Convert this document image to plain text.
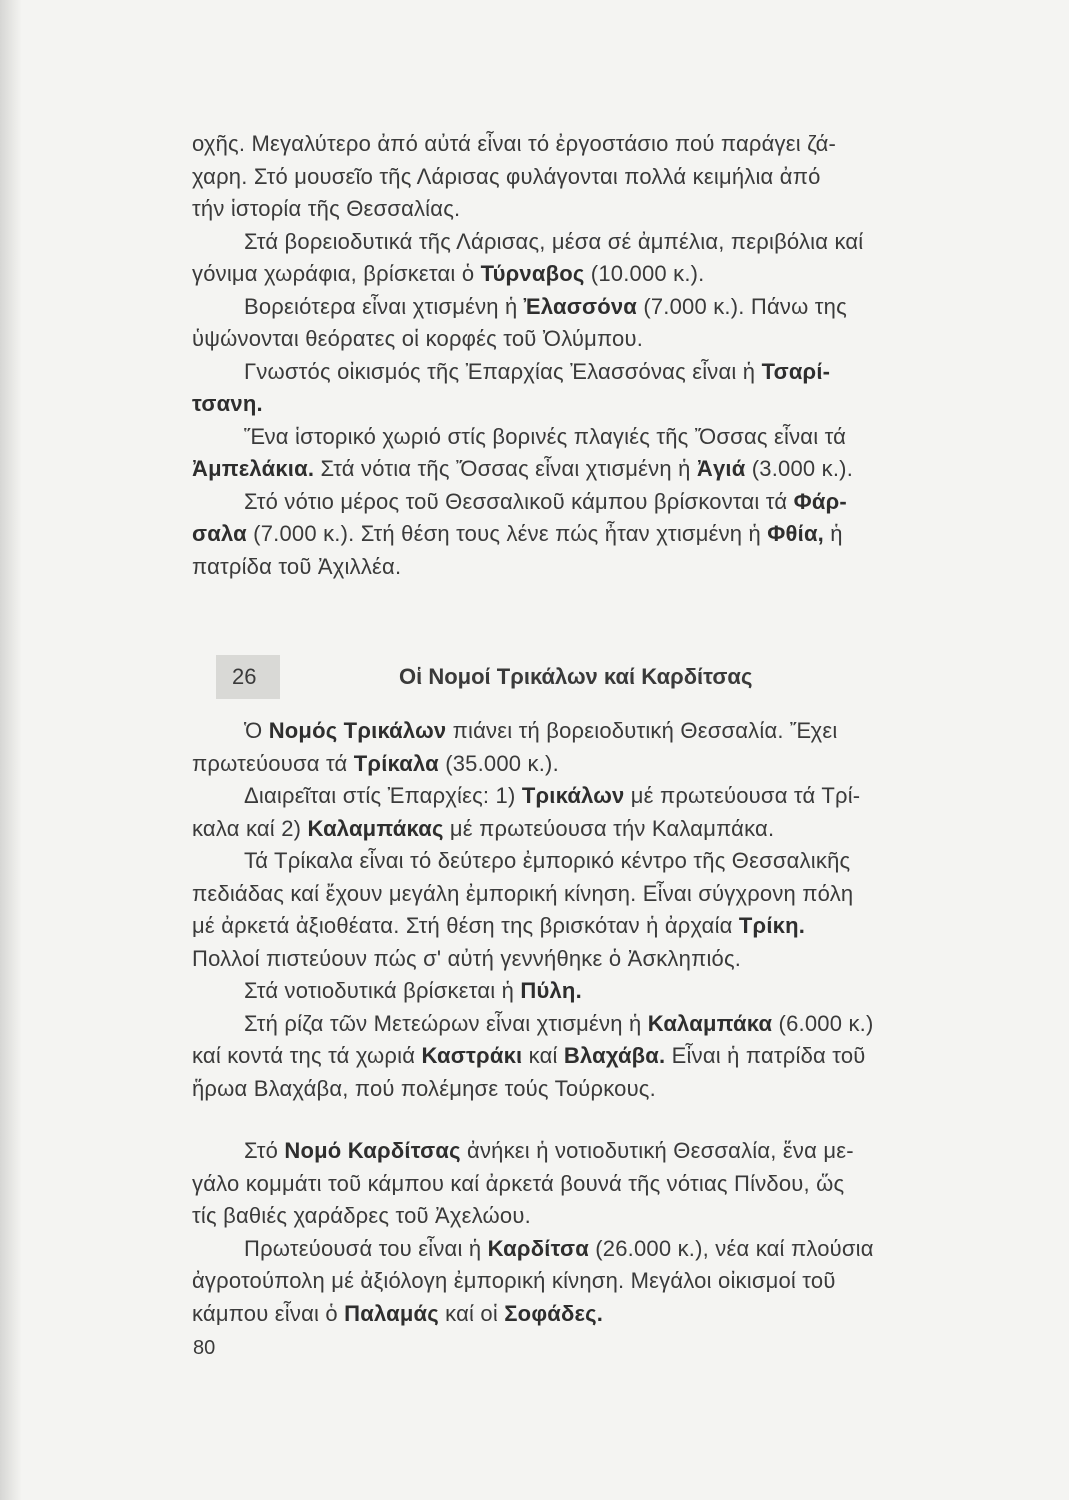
οχῆς. Μεγαλύτερο ἀπό αὐτά εἶναι τό ἐργοστάσιο πού παράγει ζά-

χαρη. Στό μουσεῖο τῆς Λάρισας φυλάγονται πολλά κειμήλια ἀπό

τήν ἱστορία τῆς Θεσσαλίας.

Στά βορειοδυτικά τῆς Λάρισας, μέσα σέ ἀμπέλια, περιβόλια καί

γόνιμα χωράφια, βρίσκεται ὁ Τύρναβος (10.000 κ.).

Βορειότερα εἶναι χτισμένη ἡ Ἐλασσόνα (7.000 κ.). Πάνω της

ὑψώνονται θεόρατες οἱ κορφές τοῦ Ὀλύμπου.

Γνωστός οἰκισμός τῆς Ἐπαρχίας Ἐλασσόνας εἶναι ἡ Τσαρί-

τσανη.

Ἕνα ἱστορικό χωριό στίς βορινές πλαγιές τῆς Ὄσσας εἶναι τά

Ἀμπελάκια. Στά νότια τῆς Ὄσσας εἶναι χτισμένη ἡ Ἀγιά (3.000 κ.).

Στό νότιο μέρος τοῦ Θεσσαλικοῦ κάμπου βρίσκονται τά Φάρ-

σαλα (7.000 κ.). Στή θέση τους λένε πώς ἦταν χτισμένη ἡ Φθία, ἡ

πατρίδα τοῦ Ἀχιλλέα.

26	Οἱ Νομοί Τρικάλων καί Καρδίτσας

Ὁ Νομός Τρικάλων πιάνει τή βορειοδυτική Θεσσαλία. Ἔχει

πρωτεύουσα τά Τρίκαλα (35.000 κ.).

Διαιρεῖται στίς Ἐπαρχίες: 1) Τρικάλων μέ πρωτεύουσα τά Τρί-

καλα καί 2) Καλαμπάκας μέ πρωτεύουσα τήν Καλαμπάκα.

Τά Τρίκαλα εἶναι τό δεύτερο ἐμπορικό κέντρο τῆς Θεσσαλικῆς

πεδιάδας καί ἔχουν μεγάλη ἐμπορική κίνηση. Εἶναι σύγχρονη πόλη

μέ ἀρκετά ἀξιοθέατα. Στή θέση της βρισκόταν ἡ ἀρχαία Τρίκη.

Πολλοί πιστεύουν πώς σ' αὐτή γεννήθηκε ὁ Ἀσκληπιός.

Στά νοτιοδυτικά βρίσκεται ἡ Πύλη.

Στή ρίζα τῶν Μετεώρων εἶναι χτισμένη ἡ Καλαμπάκα (6.000 κ.)

καί κοντά της τά χωριά Καστράκι καί Βλαχάβα. Εἶναι ἡ πατρίδα τοῦ

ἥρωα Βλαχάβα, πού πολέμησε τούς Τούρκους.

Στό Νομό Καρδίτσας ἀνήκει ἡ νοτιοδυτική Θεσσαλία, ἕνα με-

γάλο κομμάτι τοῦ κάμπου καί ἀρκετά βουνά τῆς νότιας Πίνδου, ὥς

τίς βαθιές χαράδρες τοῦ Ἀχελώου.

Πρωτεύουσά του εἶναι ἡ Καρδίτσα (26.000 κ.), νέα καί πλούσια

ἀγροτούπολη μέ ἀξιόλογη ἐμπορική κίνηση. Μεγάλοι οἰκισμοί τοῦ

κάμπου εἶναι ὁ Παλαμάς καί οἱ Σοφάδες.

80
